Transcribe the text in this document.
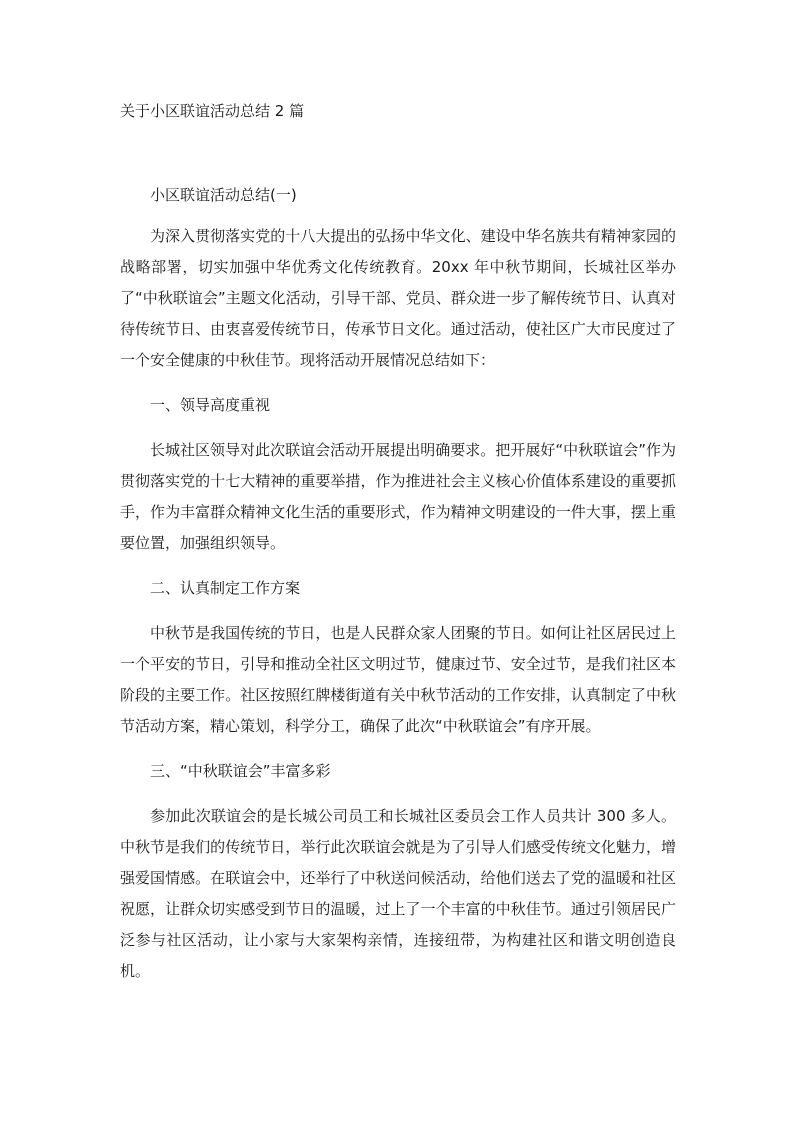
关于小区联谊活动总结 2 篇
小区联谊活动总结(一)

为深入贯彻落实党的十八大提出的弘扬中华文化、建设中华名族共有精神家园的战略部署，切实加强中华优秀文化传统教育。20xx 年中秋节期间，长城社区举办了“中秋联谊会”主题文化活动，引导干部、党员、群众进一步了解传统节日、认真对待传统节日、由衷喜爱传统节日，传承节日文化。通过活动，使社区广大市民度过了一个安全健康的中秋佳节。现将活动开展情况总结如下：

一、领导高度重视

长城社区领导对此次联谊会活动开展提出明确要求。把开展好“中秋联谊会”作为贯彻落实党的十七大精神的重要举措，作为推进社会主义核心价值体系建设的重要抓手，作为丰富群众精神文化生活的重要形式，作为精神文明建设的一件大事，摆上重要位置，加强组织领导。

二、认真制定工作方案

中秋节是我国传统的节日，也是人民群众家人团聚的节日。如何让社区居民过上一个平安的节日，引导和推动全社区文明过节，健康过节、安全过节，是我们社区本阶段的主要工作。社区按照红牌楼街道有关中秋节活动的工作安排，认真制定了中秋节活动方案，精心策划，科学分工，确保了此次“中秋联谊会”有序开展。

三、“中秋联谊会”丰富多彩

参加此次联谊会的是长城公司员工和长城社区委员会工作人员共计 300 多人。中秋节是我们的传统节日，举行此次联谊会就是为了引导人们感受传统文化魅力，增强爱国情感。在联谊会中，还举行了中秋送问候活动，给他们送去了党的温暖和社区祝愿，让群众切实感受到节日的温暖，过上了一个丰富的中秋佳节。通过引领居民广泛参与社区活动，让小家与大家架构亲情，连接纽带，为构建社区和谐文明创造良机。
